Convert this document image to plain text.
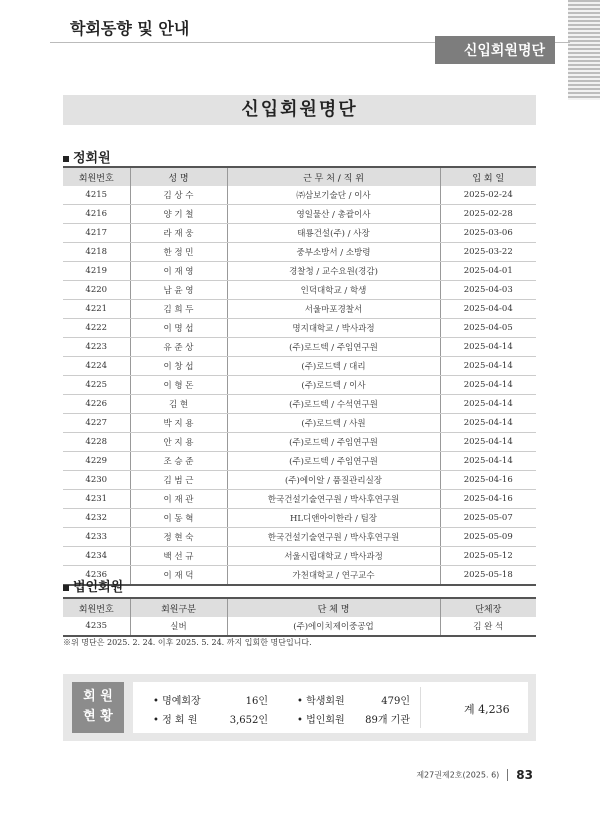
학회동향 및 안내
신입회원명단
신입회원명단
정회원
회원번호	성 명	근 무 처 / 직 위	입 회 일
4215	김 상 수	㈜삼보기술단 / 이사	2025-02-24
4216	양 기 철	영일물산 / 총괄이사	2025-02-28
4217	라 재 웅	태룡건설(주) / 사장	2025-03-06
4218	한 정 민	중부소방서 / 소방령	2025-03-22
4219	이 재 영	경찰청 / 교수요원(경감)	2025-04-01
4220	남 윤 영	인덕대학교 / 학생	2025-04-03
4221	김 희 두	서울마포경찰서	2025-04-04
4222	이 명 섭	명지대학교 / 박사과정	2025-04-05
4223	유 준 상	(주)로드텍 / 주임연구원	2025-04-14
4224	이 창 섭	(주)로드텍 / 대리	2025-04-14
4225	이 형 돈	(주)로드텍 / 이사	2025-04-14
4226	김 현	(주)로드텍 / 수석연구원	2025-04-14
4227	박 지 용	(주)로드텍 / 사원	2025-04-14
4228	안 지 용	(주)로드텍 / 주임연구원	2025-04-14
4229	조 승 준	(주)로드텍 / 주임연구원	2025-04-14
4230	김 범 근	(주)에이알 / 품질관리실장	2025-04-16
4231	이 재 관	한국건설기술연구원 / 박사후연구원	2025-04-16
4232	이 동 혁	HL디앤아이한라 / 팀장	2025-05-07
4233	정 현 숙	한국건설기술연구원 / 박사후연구원	2025-05-09
4234	백 선 규	서울시립대학교 / 박사과정	2025-05-12
4236	이 재 덕	가천대학교 / 연구교수	2025-05-18
법인회원
회원번호	회원구분	단 체 명	단체장
4235	실버	(주)에이치제이중공업	김 완 석
※위 명단은 2025. 2. 24. 이후 2025. 5. 24. 까지 입회한 명단입니다.
회 원
현 황
• 명예회장	16인
• 정 회 원	3,652인
• 학생회원	479인
• 법인회원 89개 기관
계 4,236
제27권제2호(2025. 6) 83
